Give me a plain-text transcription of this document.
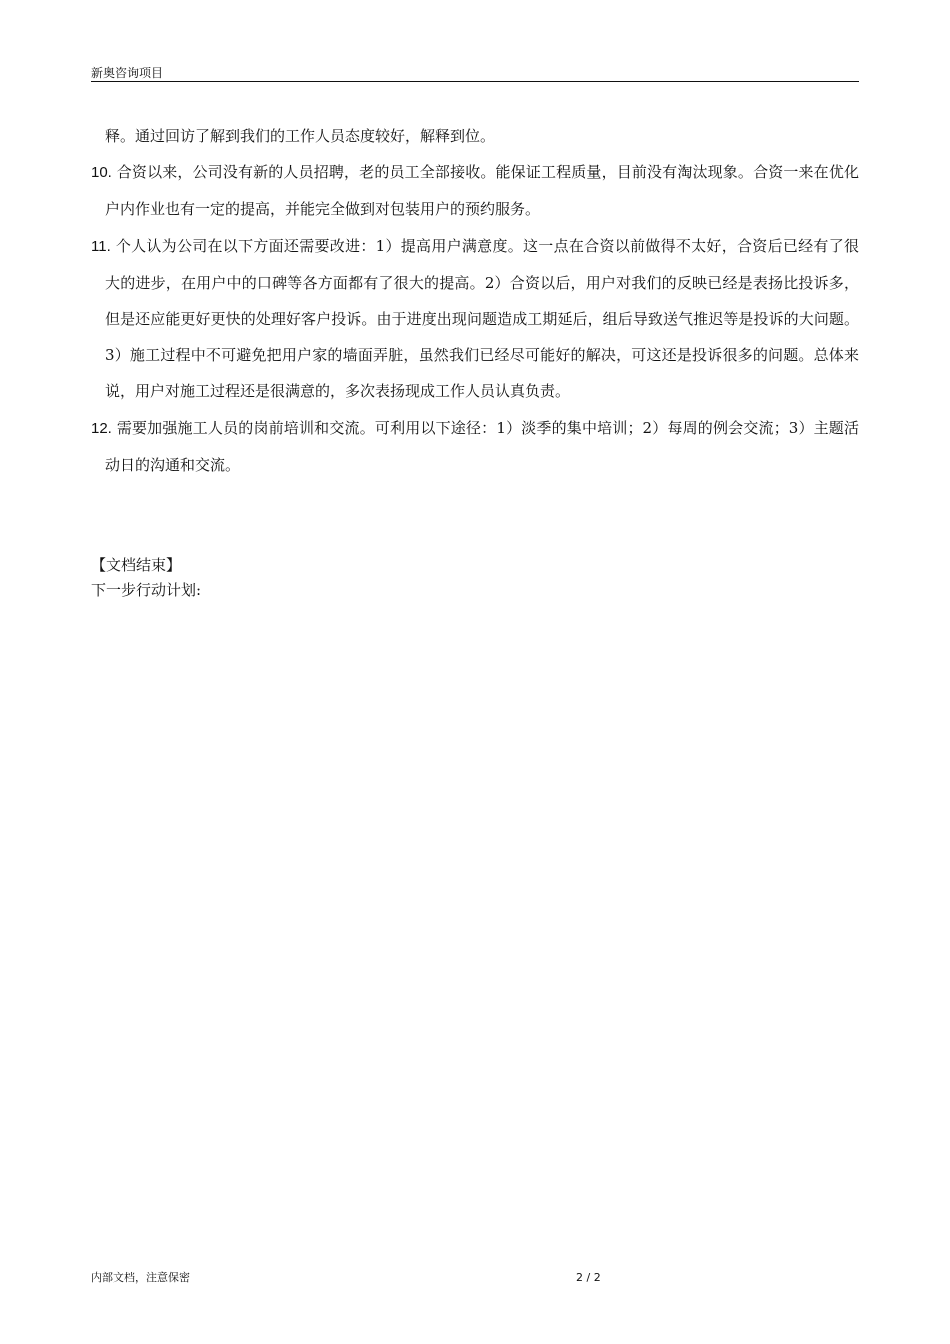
新奥咨询项目

释。通过回访了解到我们的工作人员态度较好，解释到位。

10. 合资以来，公司没有新的人员招聘，老的员工全部接收。能保证工程质量，目前没有淘汰现象。合资一来在优化户内作业也有一定的提高，并能完全做到对包装用户的预约服务。

11. 个人认为公司在以下方面还需要改进：1）提高用户满意度。这一点在合资以前做得不太好，合资后已经有了很大的进步，在用户中的口碑等各方面都有了很大的提高。2）合资以后，用户对我们的反映已经是表扬比投诉多，但是还应能更好更快的处理好客户投诉。由于进度出现问题造成工期延后，组后导致送气推迟等是投诉的大问题。3）施工过程中不可避免把用户家的墙面弄脏，虽然我们已经尽可能好的解决，可这还是投诉很多的问题。总体来说，用户对施工过程还是很满意的，多次表扬现成工作人员认真负责。

12. 需要加强施工人员的岗前培训和交流。可利用以下途径：1）淡季的集中培训；2）每周的例会交流；3）主题活动日的沟通和交流。

【文档结束】

下一步行动计划:

内部文档，注意保密	2 / 2
